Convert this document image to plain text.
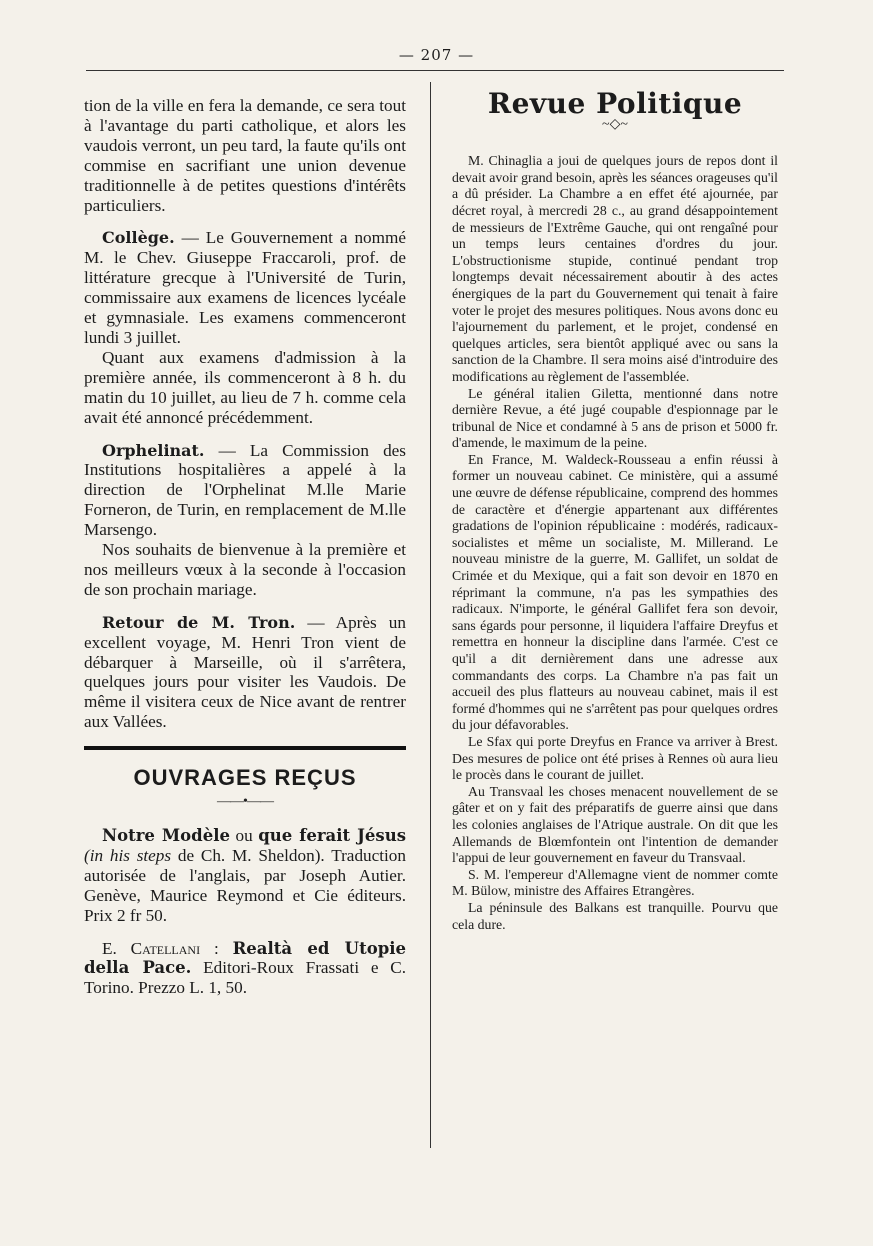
— 207 —

tion de la ville en fera la demande, ce sera tout à l'avantage du parti catholique, et alors les vaudois verront, un peu tard, la faute qu'ils ont commise en sacrifiant une union devenue traditionnelle à de petites questions d'intérêts particuliers.

Collège. — Le Gouvernement a nommé M. le Chev. Giuseppe Fraccaroli, prof. de littérature grecque à l'Université de Turin, commissaire aux examens de licences lycéale et gymnasiale. Les examens commenceront lundi 3 juillet.

Quant aux examens d'admission à la première année, ils commenceront à 8 h. du matin du 10 juillet, au lieu de 7 h. comme cela avait été annoncé précédemment.

Orphelinat. — La Commission des Institutions hospitalières a appelé à la direction de l'Orphelinat M.lle Marie Forneron, de Turin, en remplacement de M.lle Marsengo.

Nos souhaits de bienvenue à la première et nos meilleurs vœux à la seconde à l'occasion de son prochain mariage.

Retour de M. Tron. — Après un excellent voyage, M. Henri Tron vient de débarquer à Marseille, où il s'arrêtera, quelques jours pour visiter les Vaudois. De même il visitera ceux de Nice avant de rentrer aux Vallées.

OUVRAGES REÇUS
——•——

Notre Modèle ou que ferait Jésus (in his steps de Ch. M. Sheldon). Traduction autorisée de l'anglais, par Joseph Autier. Genève, Maurice Reymond et Cie éditeurs. Prix 2 fr 50.

E. Catellani : Realtà ed Utopie della Pace. Editori-Roux Frassati e C. Torino. Prezzo L. 1, 50.

Revue Politique
~◇~

M. Chinaglia a joui de quelques jours de repos dont il devait avoir grand besoin, après les séances orageuses qu'il a dû présider. La Chambre a en effet été ajournée, par décret royal, à mercredi 28 c., au grand désappointement de messieurs de l'Extrême Gauche, qui ont rengaîné pour un temps leurs centaines d'ordres du jour. L'obstructionisme stupide, continué pendant trop longtemps devait nécessairement aboutir à des actes énergiques de la part du Gouvernement qui tenait à faire voter le projet des mesures politiques. Nous avons donc eu l'ajournement du parlement, et le projet, condensé en quelques articles, sera bientôt appliqué avec ou sans la sanction de la Chambre. Il sera moins aisé d'introduire des modifications au règlement de l'assemblée.

Le général italien Giletta, mentionné dans notre dernière Revue, a été jugé coupable d'espionnage par le tribunal de Nice et condamné à 5 ans de prison et 5000 fr. d'amende, le maximum de la peine.

En France, M. Waldeck-Rousseau a enfin réussi à former un nouveau cabinet. Ce ministère, qui a assumé une œuvre de défense républicaine, comprend des hommes de caractère et d'énergie appartenant aux différentes gradations de l'opinion républicaine : modérés, radicaux-socialistes et même un socialiste, M. Millerand. Le nouveau ministre de la guerre, M. Gallifet, un soldat de Crimée et du Mexique, qui a fait son devoir en 1870 en réprimant la commune, n'a pas les sympathies des radicaux. N'importe, le général Gallifet fera son devoir, sans égards pour personne, il liquidera l'affaire Dreyfus et remettra en honneur la discipline dans l'armée. C'est ce qu'il a dit dernièrement dans une adresse aux commandants des corps. La Chambre n'a pas fait un accueil des plus flatteurs au nouveau cabinet, mais il est formé d'hommes qui ne s'arrêtent pas pour quelques ordres du jour défavorables.

Le Sfax qui porte Dreyfus en France va arriver à Brest. Des mesures de police ont été prises à Rennes où aura lieu le procès dans le courant de juillet.

Au Transvaal les choses menacent nouvellement de se gâter et on y fait des préparatifs de guerre ainsi que dans les colonies anglaises de l'Atrique australe. On dit que les Allemands de Blœmfontein ont l'intention de demander l'appui de leur gouvernement en faveur du Transvaal.

S. M. l'empereur d'Allemagne vient de nommer comte M. Bülow, ministre des Affaires Etrangères.

La péninsule des Balkans est tranquille. Pourvu que cela dure.
